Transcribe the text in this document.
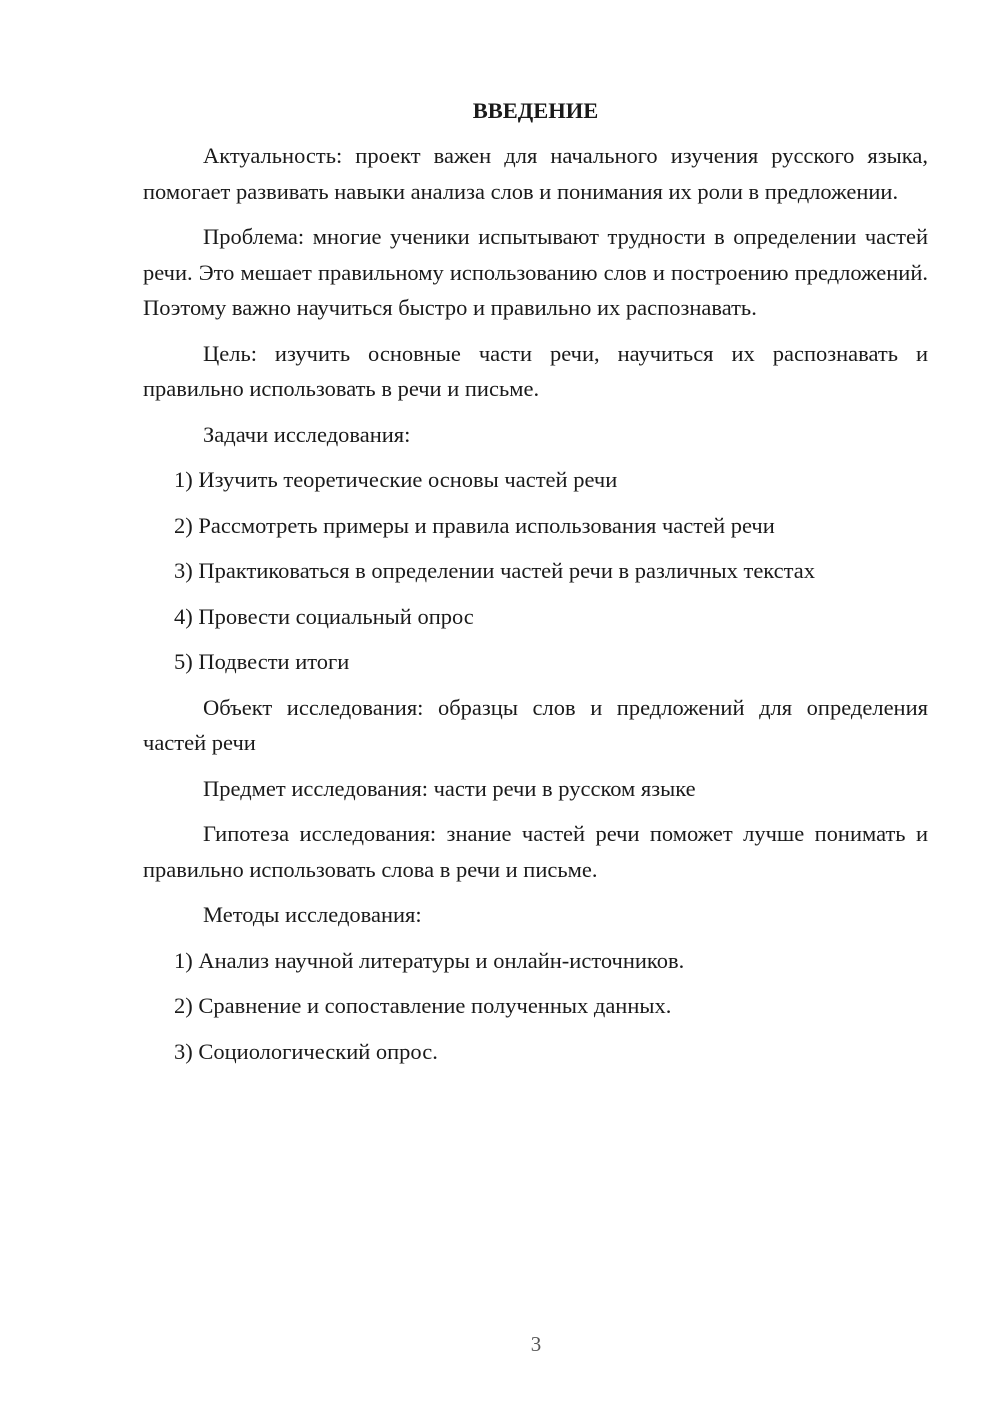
ВВЕДЕНИЕ

Актуальность: проект важен для начального изучения русского языка, помогает развивать навыки анализа слов и понимания их роли в предложении.

Проблема: многие ученики испытывают трудности в определении частей речи. Это мешает правильному использованию слов и построению предложений. Поэтому важно научиться быстро и правильно их распознавать.

Цель: изучить основные части речи, научиться их распознавать и правильно использовать в речи и письме.

Задачи исследования:

1) Изучить теоретические основы частей речи
2) Рассмотреть примеры и правила использования частей речи
3) Практиковаться в определении частей речи в различных текстах
4) Провести социальный опрос
5) Подвести итоги

Объект исследования: образцы слов и предложений для определения частей речи

Предмет исследования: части речи в русском языке

Гипотеза исследования: знание частей речи поможет лучше понимать и правильно использовать слова в речи и письме.

Методы исследования:

1) Анализ научной литературы и онлайн-источников.
2) Сравнение и сопоставление полученных данных.
3) Социологический опрос.
3
